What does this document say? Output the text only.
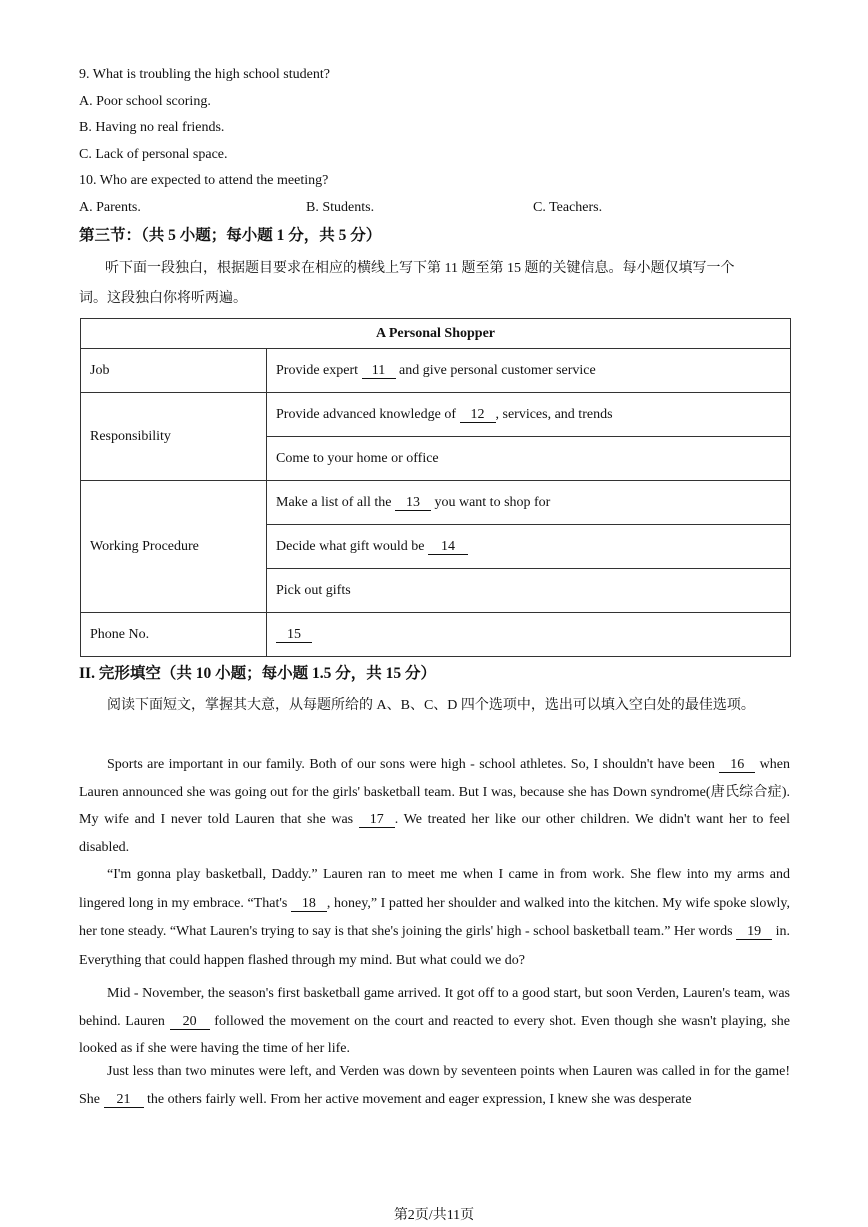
9. What is troubling the high school student?
A. Poor school scoring.
B. Having no real friends.
C. Lack of personal space.
10. Who are expected to attend the meeting?
A. Parents.	B. Students.	C. Teachers.
第三节：（共 5 小题；每小题 1 分，共 5 分）
听下面一段独白，根据题目要求在相应的横线上写下第 11 题至第 15 题的关键信息。每小题仅填写一个
词。这段独白你将听两遍。
A Personal Shopper	
Job	Provide expert 11 and give personal customer service
Responsibility	Provide advanced knowledge of 12 , services, and trends
	Come to your home or office
Working Procedure	Make a list of all the 13 you want to shop for
	Decide what gift would be 14
	Pick out gifts
Phone No.	15
II. 完形填空（共 10 小题；每小题 1.5 分，共 15 分）
阅读下面短文，掌握其大意，从每题所给的 A、B、C、D 四个选项中，选出可以填入空白处的最佳选项。
Sports are important in our family. Both of our sons were high - school athletes. So, I shouldn't have been 16 when Lauren announced she was going out for the girls' basketball team. But I was, because she has Down syndrome(唐氏综合症). My wife and I never told Lauren that she was 17 . We treated her like our other children. We didn't want her to feel disabled.
“I'm gonna play basketball, Daddy.” Lauren ran to meet me when I came in from work. She flew into my arms and lingered long in my embrace. “That's 18 , honey,” I patted her shoulder and walked into the kitchen. My wife spoke slowly, her tone steady. “What Lauren's trying to say is that she's joining the girls' high - school basketball team.” Her words 19 in. Everything that could happen flashed through my mind. But what could we do?
Mid - November, the season's first basketball game arrived. It got off to a good start, but soon Verden, Lauren's team, was behind. Lauren 20 followed the movement on the court and reacted to every shot. Even though she wasn't playing, she looked as if she were having the time of her life.
Just less than two minutes were left, and Verden was down by seventeen points when Lauren was called in for the game! She 21 the others fairly well. From her active movement and eager expression, I knew she was desperate
第2页/共11页
